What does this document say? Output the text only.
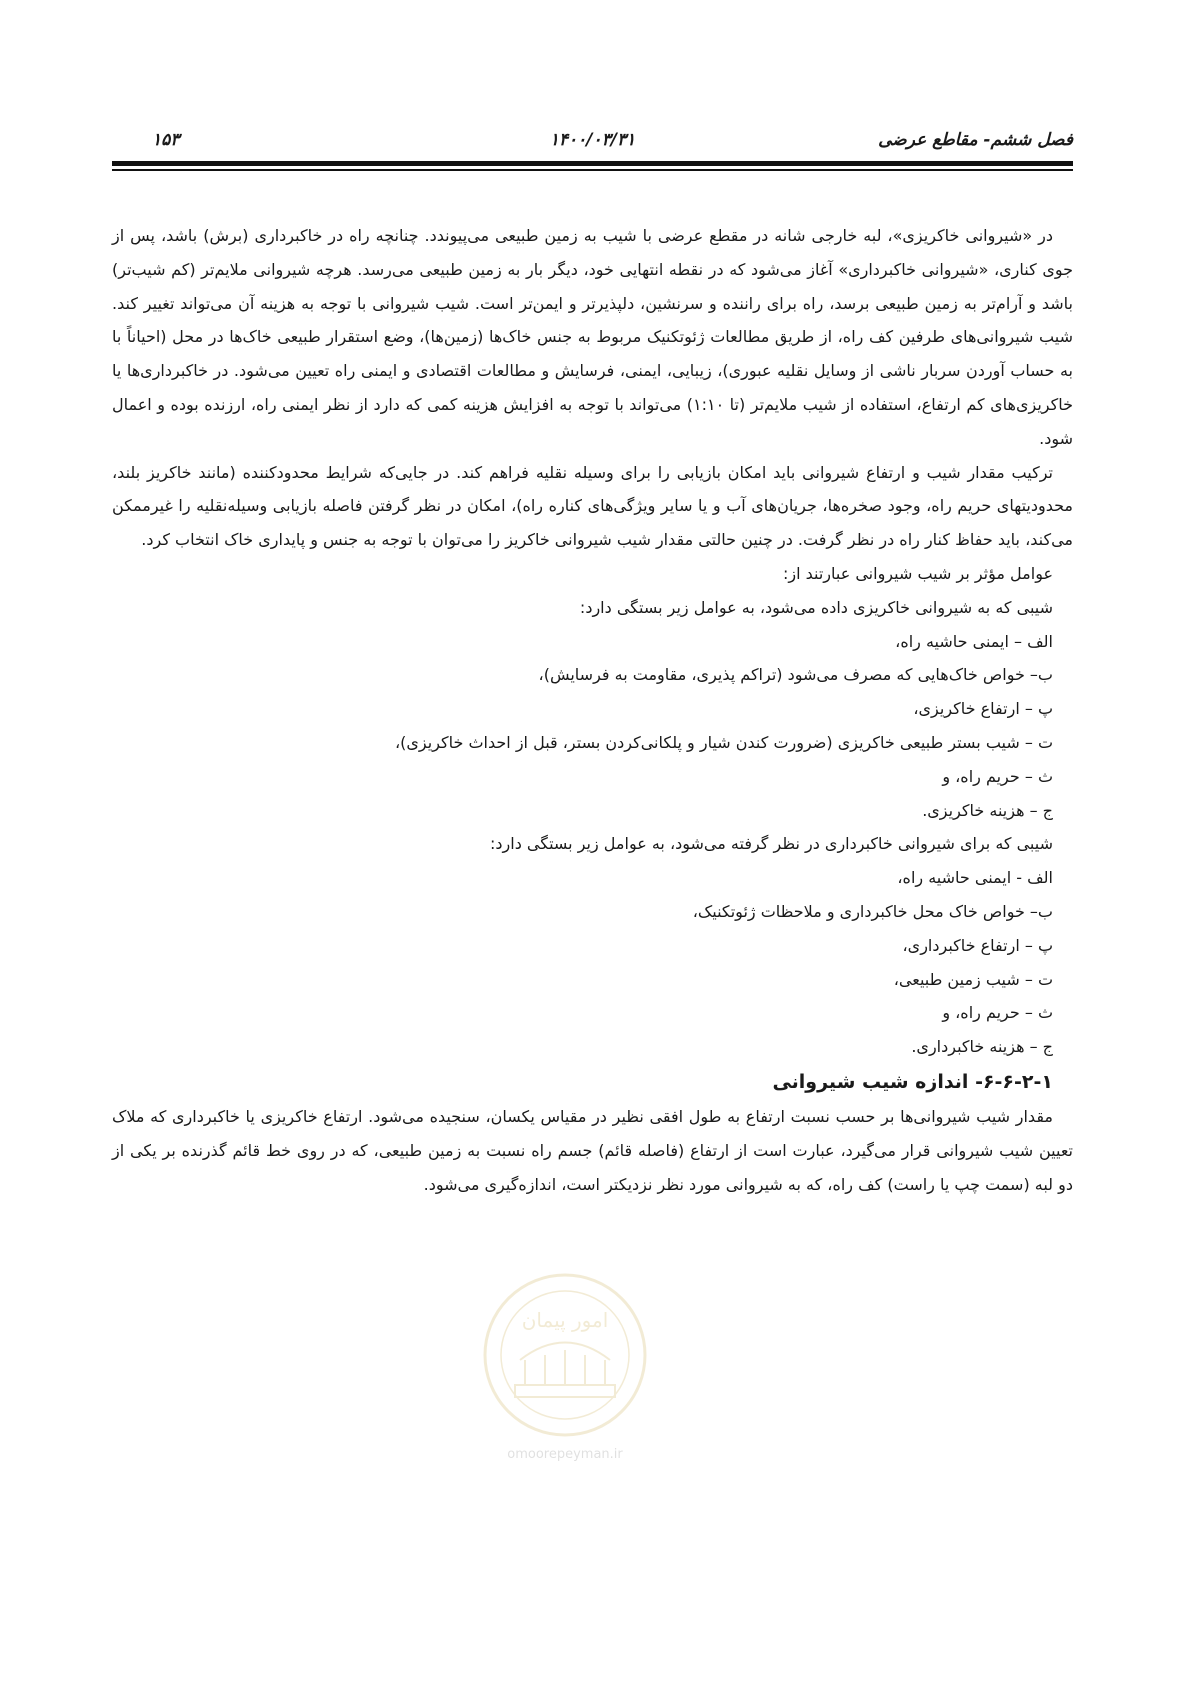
فصل ششم- مقاطع عرضی
۱۴۰۰/۰۳/۳۱
۱۵۳

در «شیروانی خاکریزی»، لبه خارجی شانه در مقطع عرضی با شیب به زمین طبیعی می‌پیوندد. چنانچه راه در خاکبرداری (برش) باشد، پس از جوی کناری، «شیروانی خاکبرداری» آغاز می‌شود که در نقطه انتهایی خود، دیگر بار به زمین طبیعی می‌رسد. هرچه شیروانی ملایم‌تر (کم شیب‌تر) باشد و آرام‌تر به زمین طبیعی برسد، راه برای راننده و سرنشین، دلپذیرتر و ایمن‌تر است. شیب شیروانی با توجه به هزینه آن می‌تواند تغییر کند. شیب شیروانی‌های طرفین کف راه، از طریق مطالعات ژئوتکنیک مربوط به جنس خاک‌ها (زمین‌ها)، وضع استقرار طبیعی خاک‌ها در محل (احیاناً با به حساب آوردن سربار ناشی از وسایل نقلیه عبوری)، زیبایی، ایمنی، فرسایش و مطالعات اقتصادی و ایمنی راه تعیین می‌شود. در خاکبرداری‌ها یا خاکریزی‌های کم ارتفاع، استفاده از شیب ملایم‌تر (تا ۱:۱۰) می‌تواند با توجه به افزایش هزینه کمی که دارد از نظر ایمنی راه، ارزنده بوده و اعمال شود.

ترکیب مقدار شیب و ارتفاع شیروانی باید امکان بازیابی را برای وسیله نقلیه فراهم کند. در جایی‌که شرایط محدودکننده (مانند خاکریز بلند، محدودیتهای حریم راه، وجود صخره‌ها، جریان‌های آب و یا سایر ویژگی‌های کناره راه)، امکان در نظر گرفتن فاصله بازیابی وسیله‌نقلیه را غیرممکن می‌کند، باید حفاظ کنار راه در نظر گرفت. در چنین حالتی مقدار شیب شیروانی خاکریز را می‌توان با توجه به جنس و پایداری خاک انتخاب کرد.

عوامل مؤثر بر شیب شیروانی عبارتند از:

شیبی که به شیروانی خاکریزی داده می‌شود، به عوامل زیر بستگی دارد:

الف – ایمنی حاشیه راه،

ب– خواص خاک‌هایی که مصرف می‌شود (تراکم پذیری، مقاومت به فرسایش)،

پ – ارتفاع خاکریزی،

ت – شیب بستر طبیعی خاکریزی (ضرورت کندن شیار و پلکانی‌کردن بستر، قبل از احداث خاکریزی)،

ث – حریم راه، و

ج – هزینه خاکریزی.

شیبی که برای شیروانی خاکبرداری در نظر گرفته می‌شود، به عوامل زیر بستگی دارد:

الف - ایمنی حاشیه راه،

ب– خواص خاک محل خاکبرداری و ملاحظات ژئوتکنیک،

پ – ارتفاع خاکبرداری،

ت – شیب زمین طبیعی،

ث – حریم راه، و

ج – هزینه خاکبرداری.

۶-۶-۲-۱- اندازه شیب شیروانی

مقدار شیب شیروانی‌ها بر حسب نسبت ارتفاع به طول افقی نظیر در مقیاس یکسان، سنجیده می‌شود. ارتفاع خاکریزی یا خاکبرداری که ملاک تعیین شیب شیروانی قرار می‌گیرد، عبارت است از ارتفاع (فاصله قائم) جسم راه نسبت به زمین طبیعی، که در روی خط قائم گذرنده بر یکی از دو لبه (سمت چپ یا راست) کف راه، که به شیروانی مورد نظر نزدیکتر است، اندازه‌گیری می‌شود.

امور پیمان
omoorepeyman.ir
